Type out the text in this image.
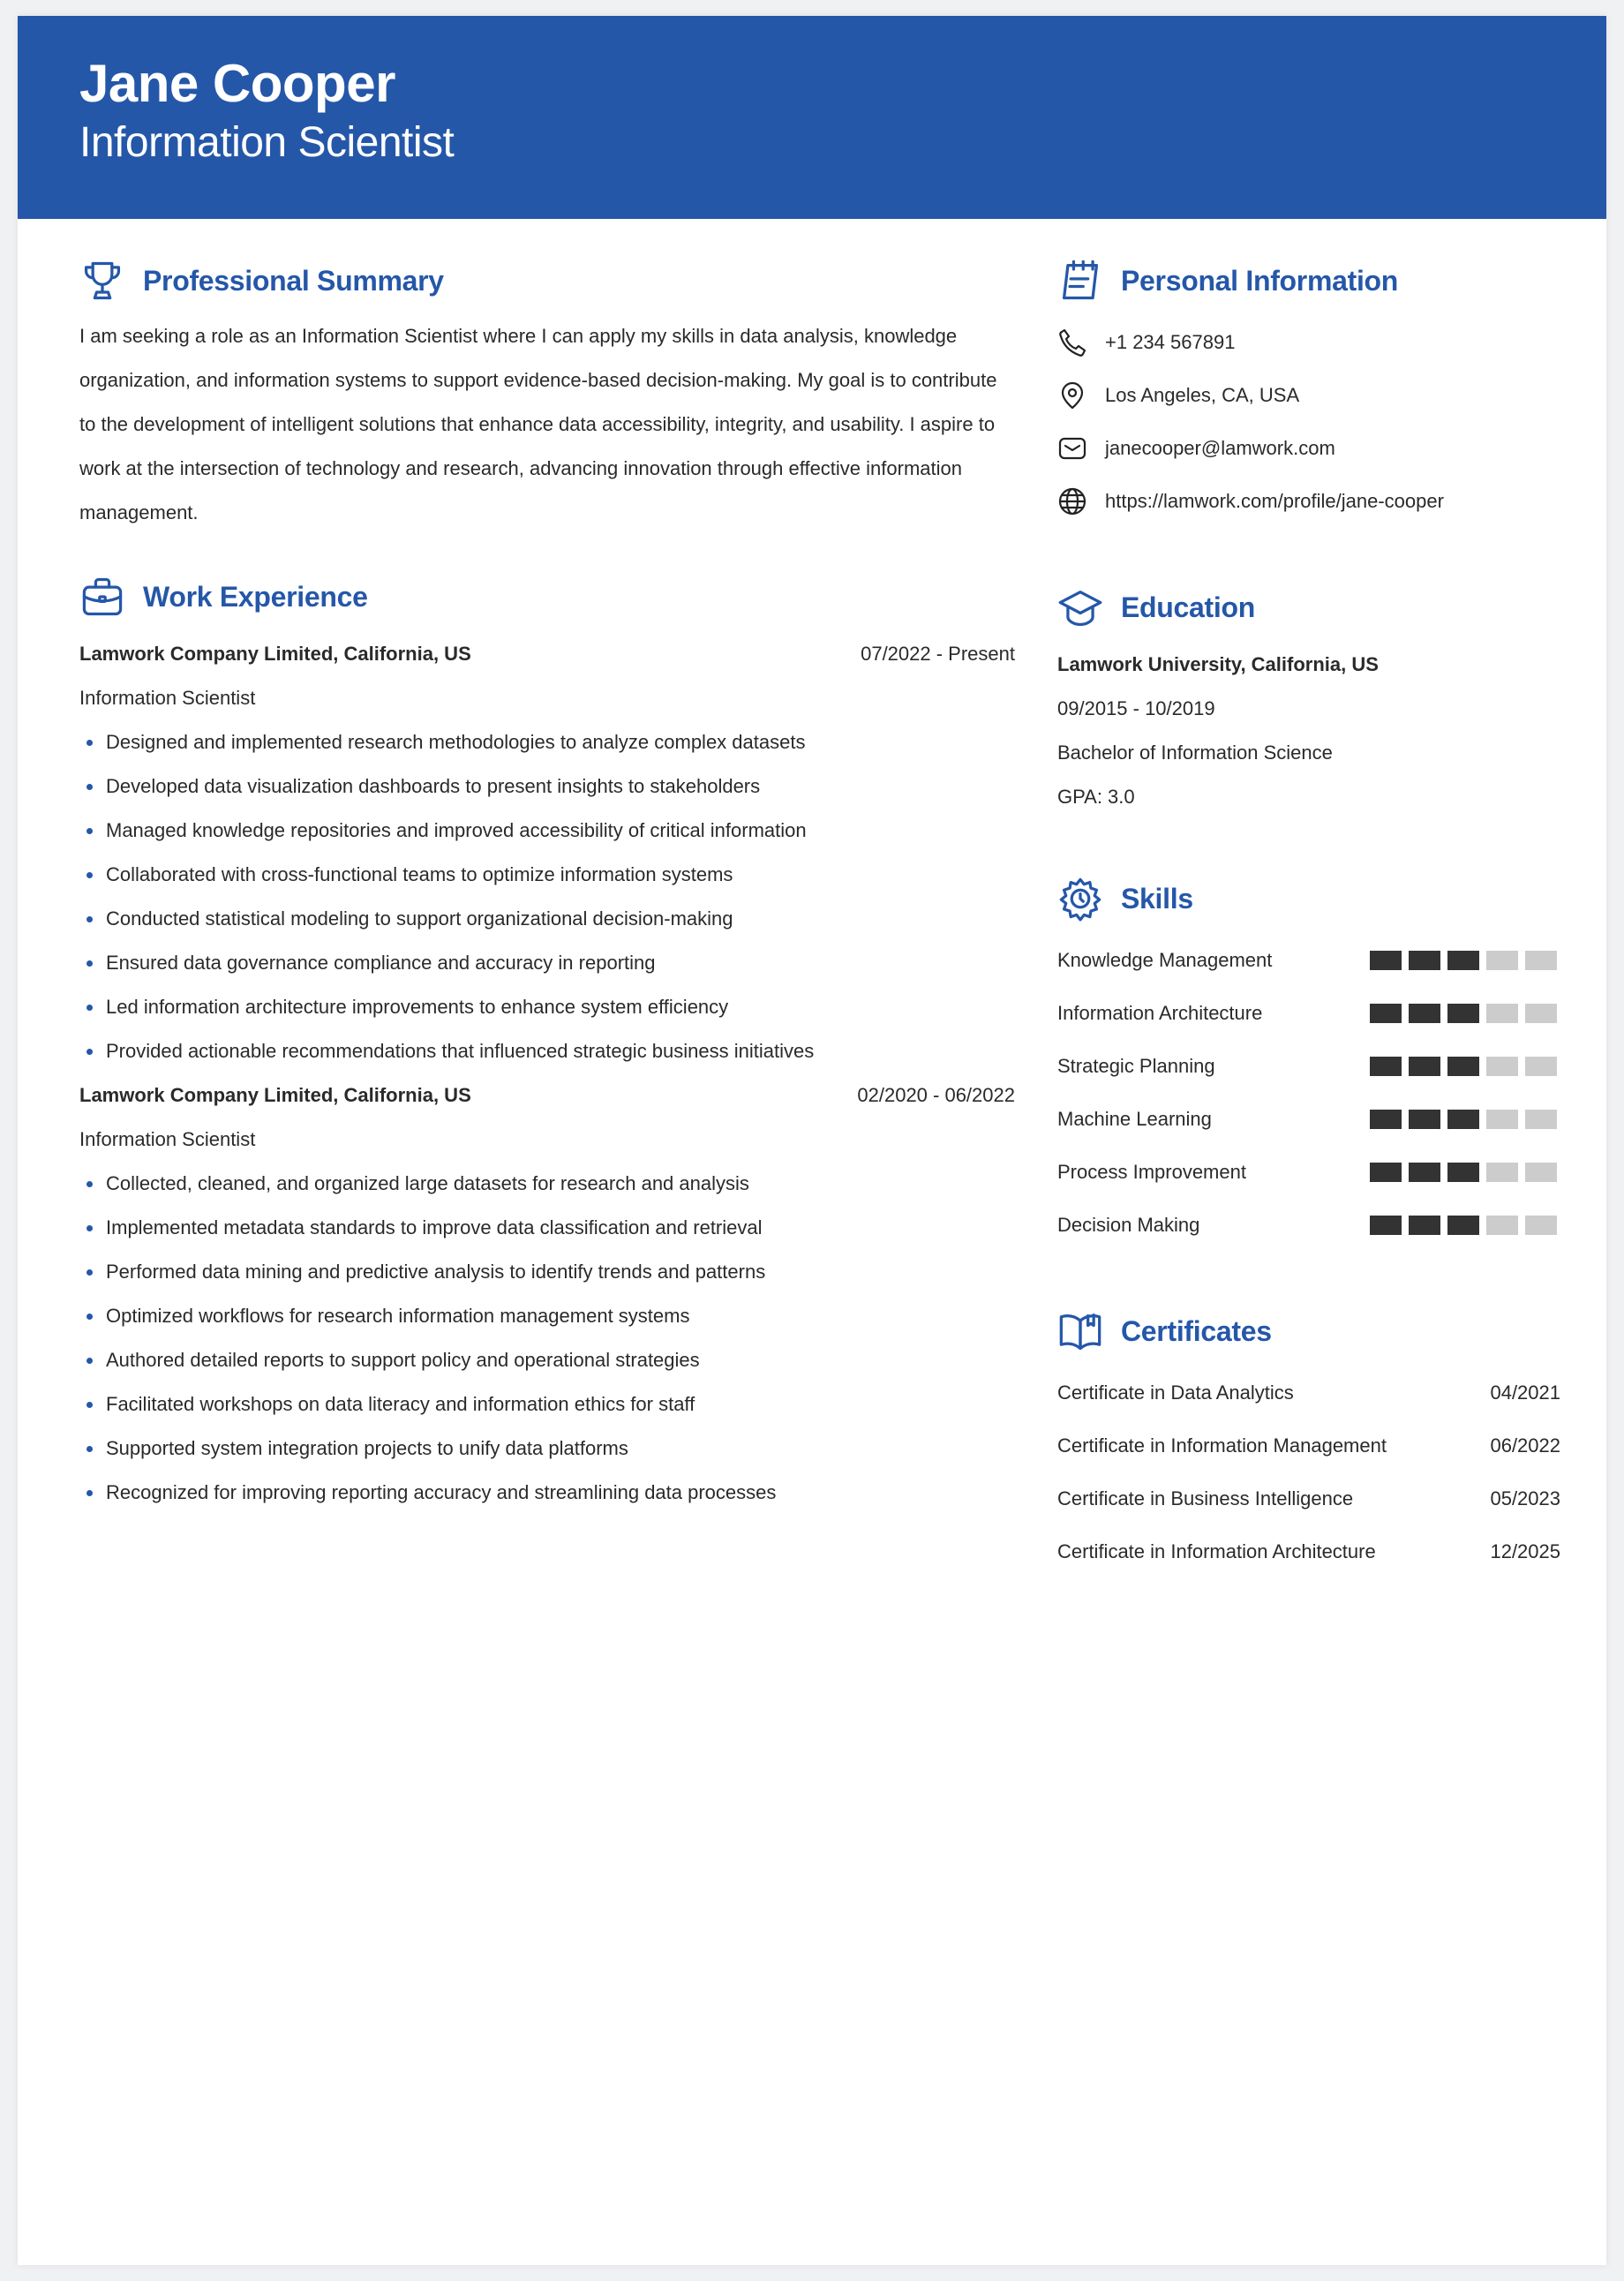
Jane Cooper
Information Scientist
Professional Summary
I am seeking a role as an Information Scientist where I can apply my skills in data analysis, knowledge organization, and information systems to support evidence-based decision-making. My goal is to contribute to the development of intelligent solutions that enhance data accessibility, integrity, and usability. I aspire to work at the intersection of technology and research, advancing innovation through effective information management.
Work Experience
Lamwork Company Limited, California, US	07/2022 - Present
Information Scientist
Designed and implemented research methodologies to analyze complex datasets
Developed data visualization dashboards to present insights to stakeholders
Managed knowledge repositories and improved accessibility of critical information
Collaborated with cross-functional teams to optimize information systems
Conducted statistical modeling to support organizational decision-making
Ensured data governance compliance and accuracy in reporting
Led information architecture improvements to enhance system efficiency
Provided actionable recommendations that influenced strategic business initiatives
Lamwork Company Limited, California, US	02/2020 - 06/2022
Information Scientist
Collected, cleaned, and organized large datasets for research and analysis
Implemented metadata standards to improve data classification and retrieval
Performed data mining and predictive analysis to identify trends and patterns
Optimized workflows for research information management systems
Authored detailed reports to support policy and operational strategies
Facilitated workshops on data literacy and information ethics for staff
Supported system integration projects to unify data platforms
Recognized for improving reporting accuracy and streamlining data processes
Personal Information
+1 234 567891
Los Angeles, CA, USA
janecooper@lamwork.com
https://lamwork.com/profile/jane-cooper
Education
Lamwork University, California, US
09/2015 - 10/2019
Bachelor of Information Science
GPA: 3.0
Skills
Knowledge Management
Information Architecture
Strategic Planning
Machine Learning
Process Improvement
Decision Making
Certificates
Certificate in Data Analytics	04/2021
Certificate in Information Management	06/2022
Certificate in Business Intelligence	05/2023
Certificate in Information Architecture	12/2025
